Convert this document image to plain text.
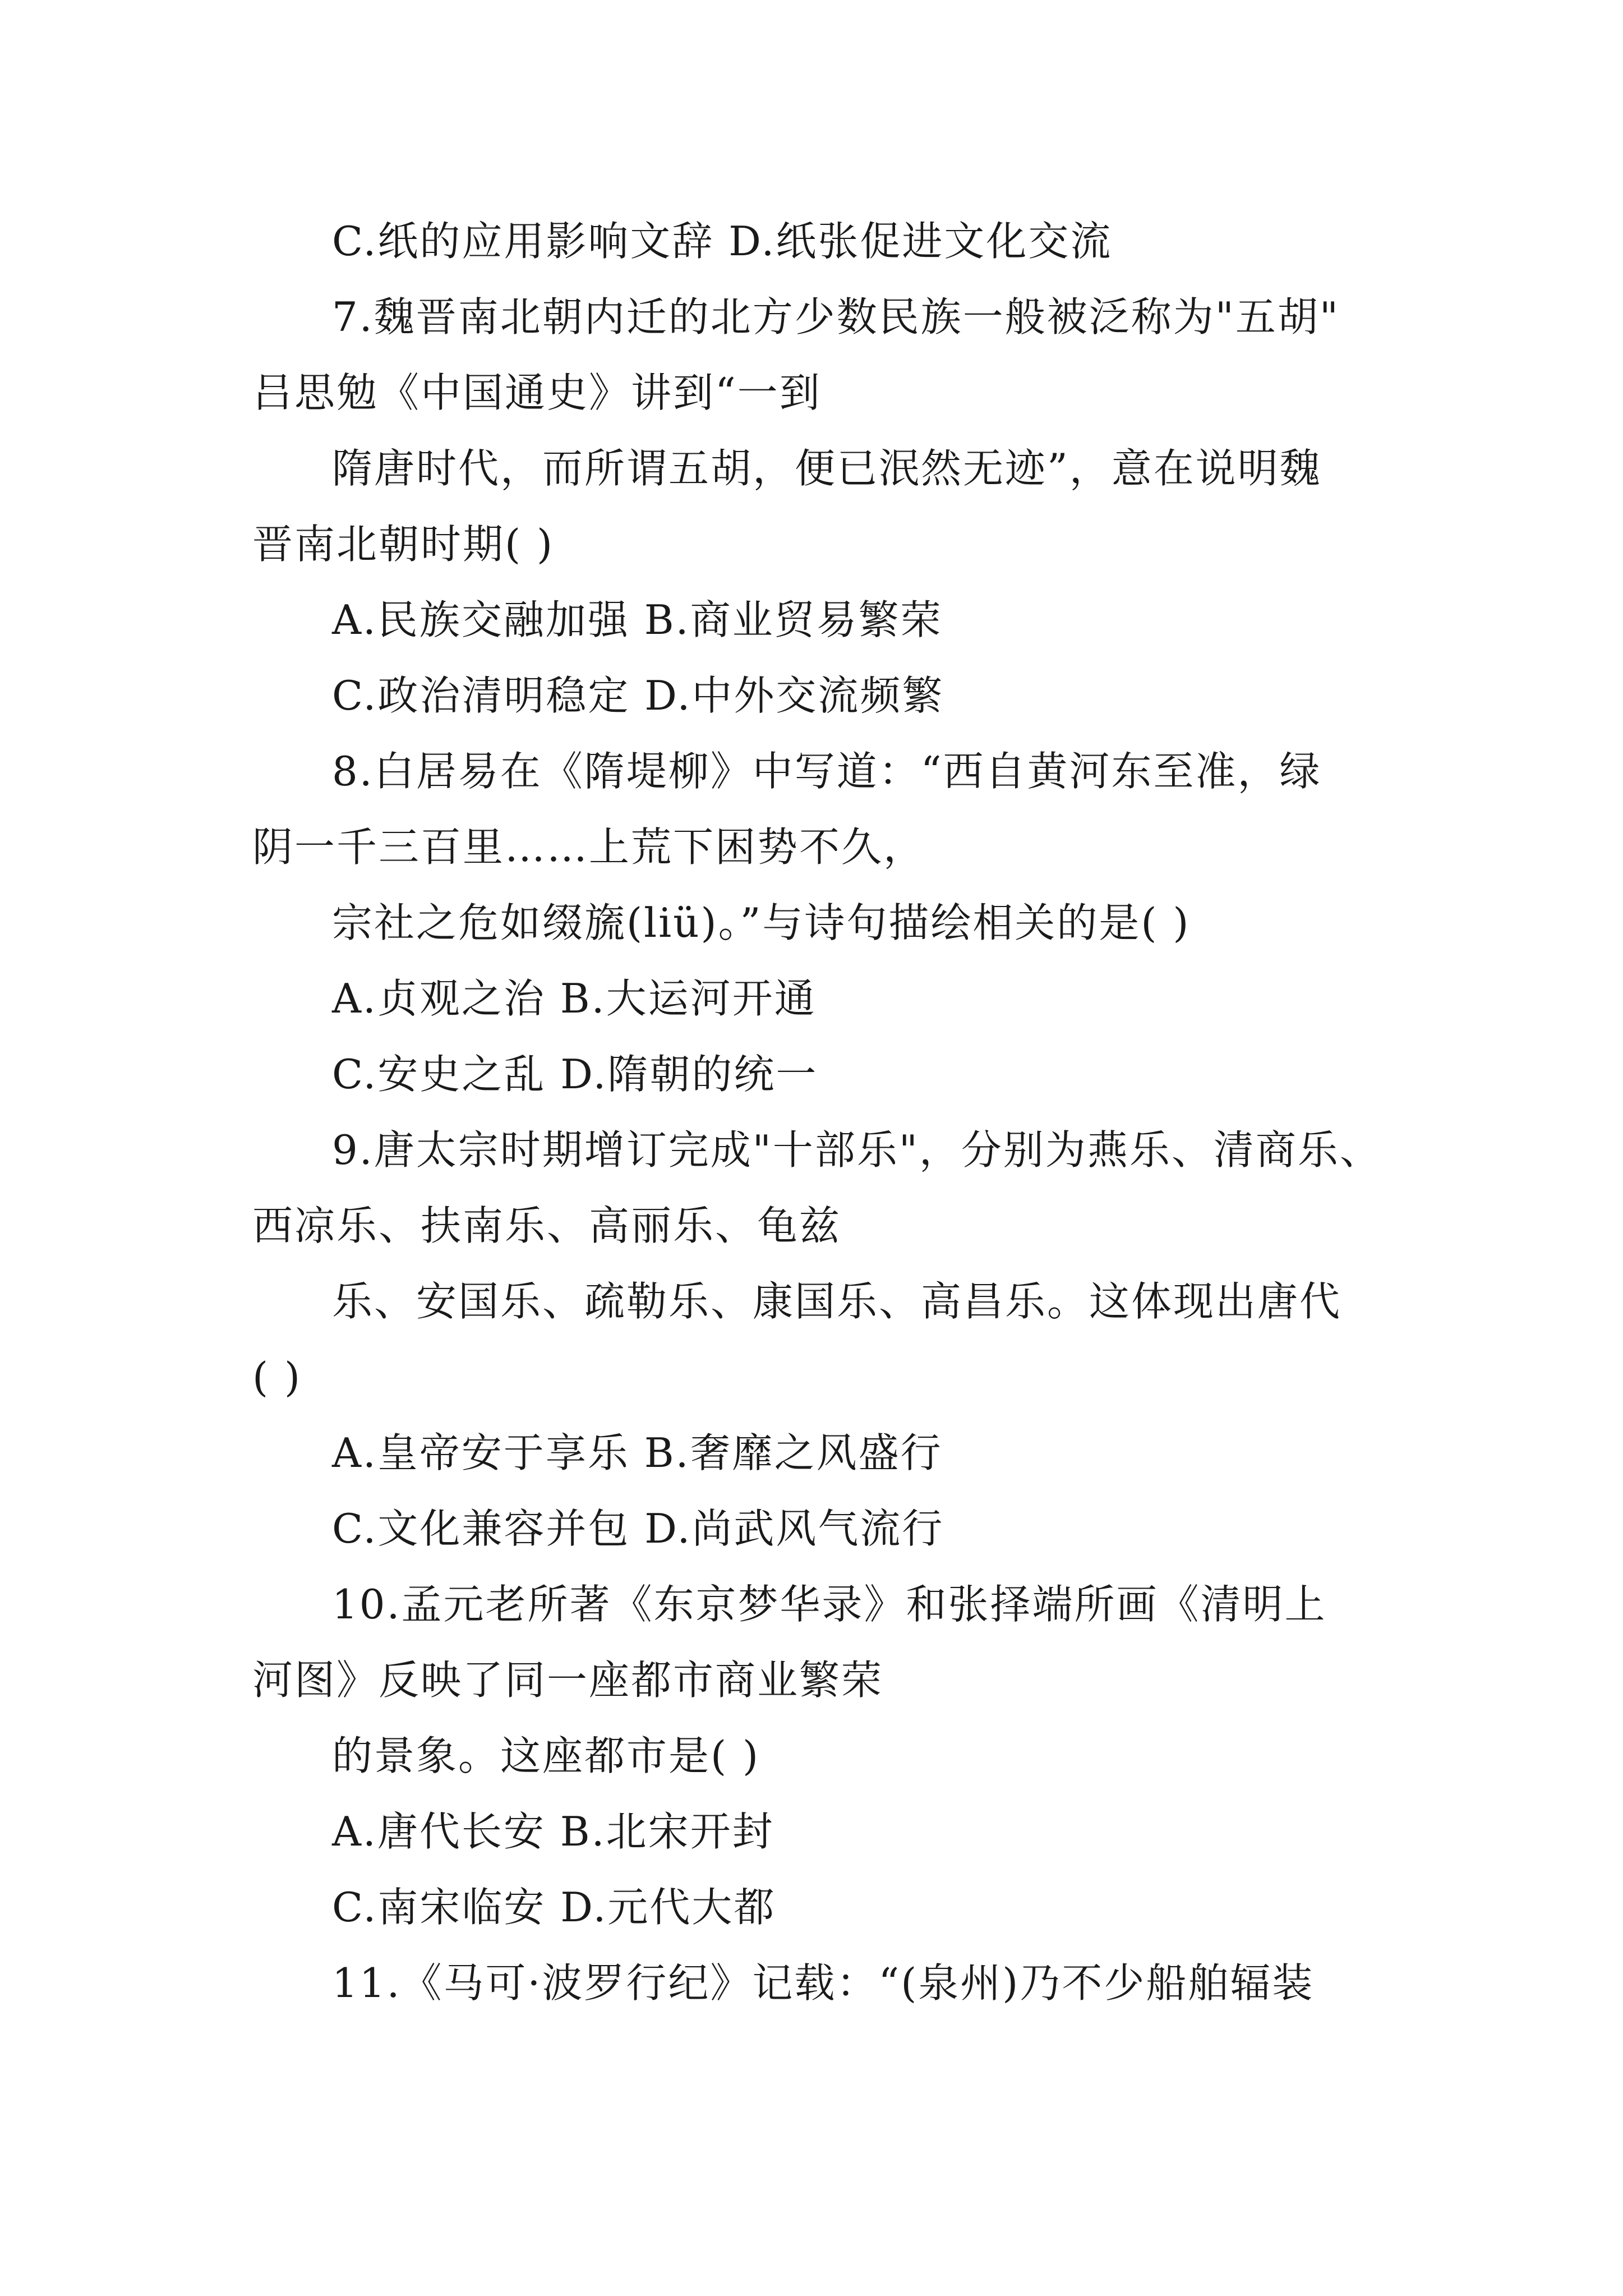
C.纸的应用影响文辞 D.纸张促进文化交流
7.魏晋南北朝内迁的北方少数民族一般被泛称为"五胡"
吕思勉《中国通史》讲到“一到
隋唐时代，而所谓五胡，便已泯然无迹”，意在说明魏
晋南北朝时期( )
A.民族交融加强 B.商业贸易繁荣
C.政治清明稳定 D.中外交流频繁
8.白居易在《隋堤柳》中写道：“西自黄河东至准，绿
阴一千三百里……上荒下困势不久，
宗社之危如缀旒(liü)。”与诗句描绘相关的是( )
A.贞观之治 B.大运河开通
C.安史之乱 D.隋朝的统一
9.唐太宗时期增订完成"十部乐"，分别为燕乐、清商乐、
西凉乐、扶南乐、高丽乐、龟兹
乐、安国乐、疏勒乐、康国乐、高昌乐。这体现出唐代
( )
A.皇帝安于享乐 B.奢靡之风盛行
C.文化兼容并包 D.尚武风气流行
10.孟元老所著《东京梦华录》和张择端所画《清明上
河图》反映了同一座都市商业繁荣
的景象。这座都市是( )
A.唐代长安 B.北宋开封
C.南宋临安 D.元代大都
11.《马可·波罗行纪》记载：“(泉州)乃不少船舶辐装
